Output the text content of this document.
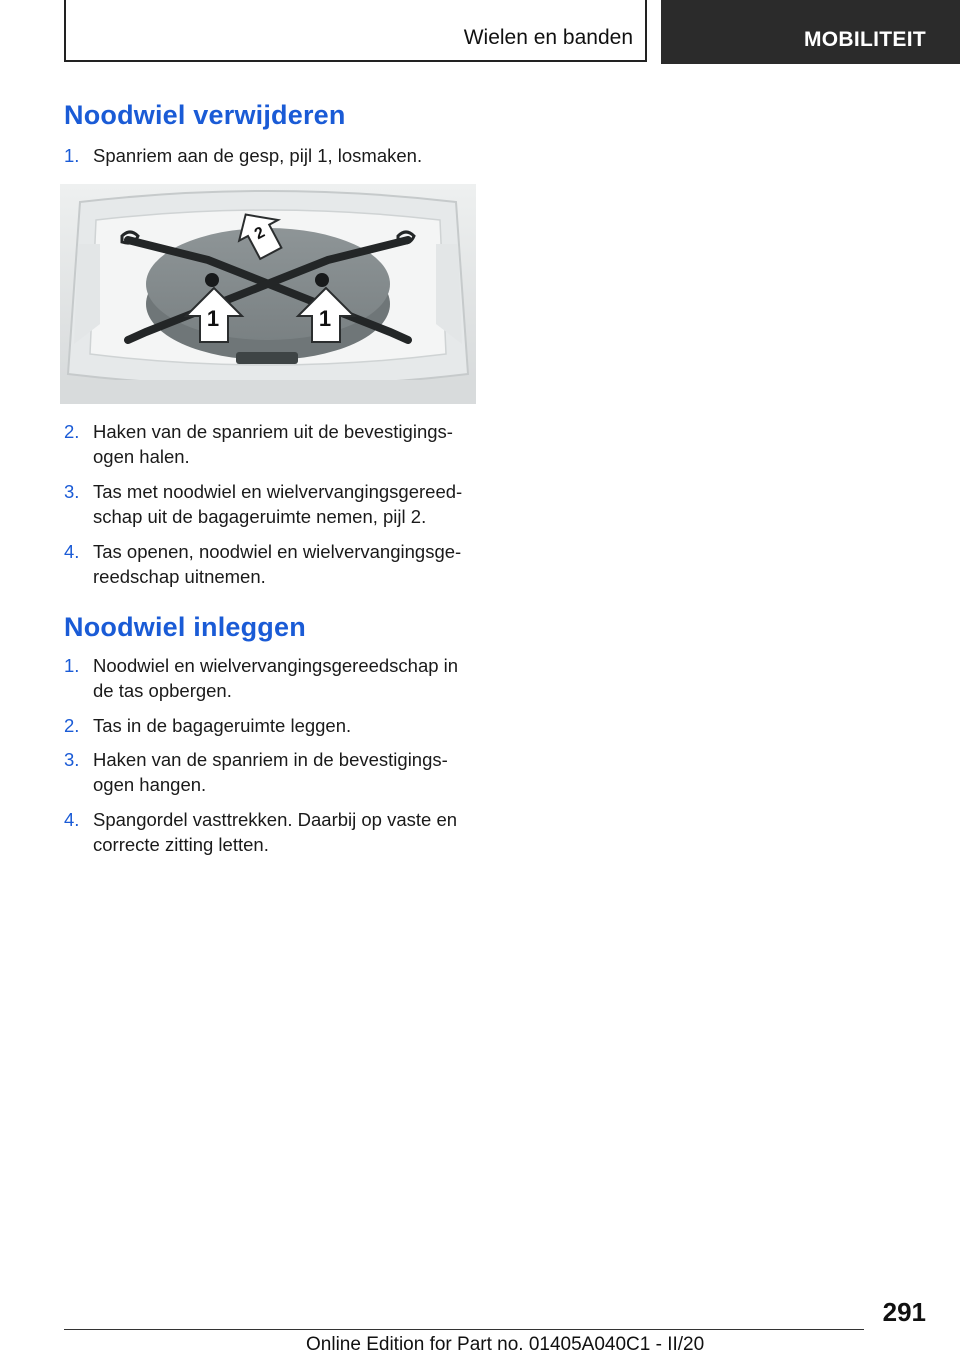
Wielen en banden	MOBILITEIT
Noodwiel verwijderen
1. Spanriem aan de gesp, pijl 1, losmaken.
1	1
2
2. Haken van de spanriem uit de bevestigings-
ogen halen.
3. Tas met noodwiel en wielvervangingsgereed-
schap uit de bagageruimte nemen, pijl 2.
4. Tas openen, noodwiel en wielvervangingsge-
reedschap uitnemen.
Noodwiel inleggen
1. Noodwiel en wielvervangingsgereedschap in
de tas opbergen.
2. Tas in de bagageruimte leggen.
3. Haken van de spanriem in de bevestigings-
ogen hangen.
4. Spangordel vasttrekken. Daarbij op vaste en
correcte zitting letten.
291
Online Edition for Part no. 01405A040C1 - II/20
